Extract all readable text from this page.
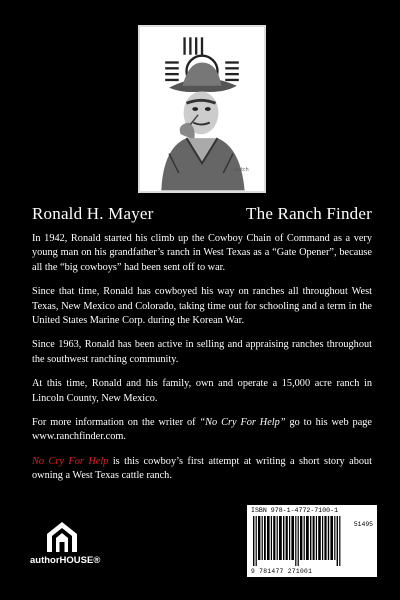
sketch
Ronald H. Mayer	The Ranch Finder

In 1942, Ronald started his climb up the Cowboy Chain of Command as a very young man on his grandfather’s ranch in West Texas as a “Gate Opener”, because all the “big cowboys” had been sent off to war.

Since that time, Ronald has cowboyed his way on ranches all throughout West Texas, New Mexico and Colorado, taking time out for schooling and a term in the United States Marine Corp. during the Korean War.

Since 1963, Ronald has been active in selling and appraising ranches throughout the southwest ranching community.

At this time, Ronald and his family, own and operate a 15,000 acre ranch in Lincoln County, New Mexico.

For more information on the writer of “No Cry For Help” go to his web page www.ranchfinder.com.

No Cry For Help is this cowboy’s first attempt at writing a short story about owning a West Texas cattle ranch.

authorHOUSE®
ISBN 978-1-4772-7100-1
51495
9 781477 271001
